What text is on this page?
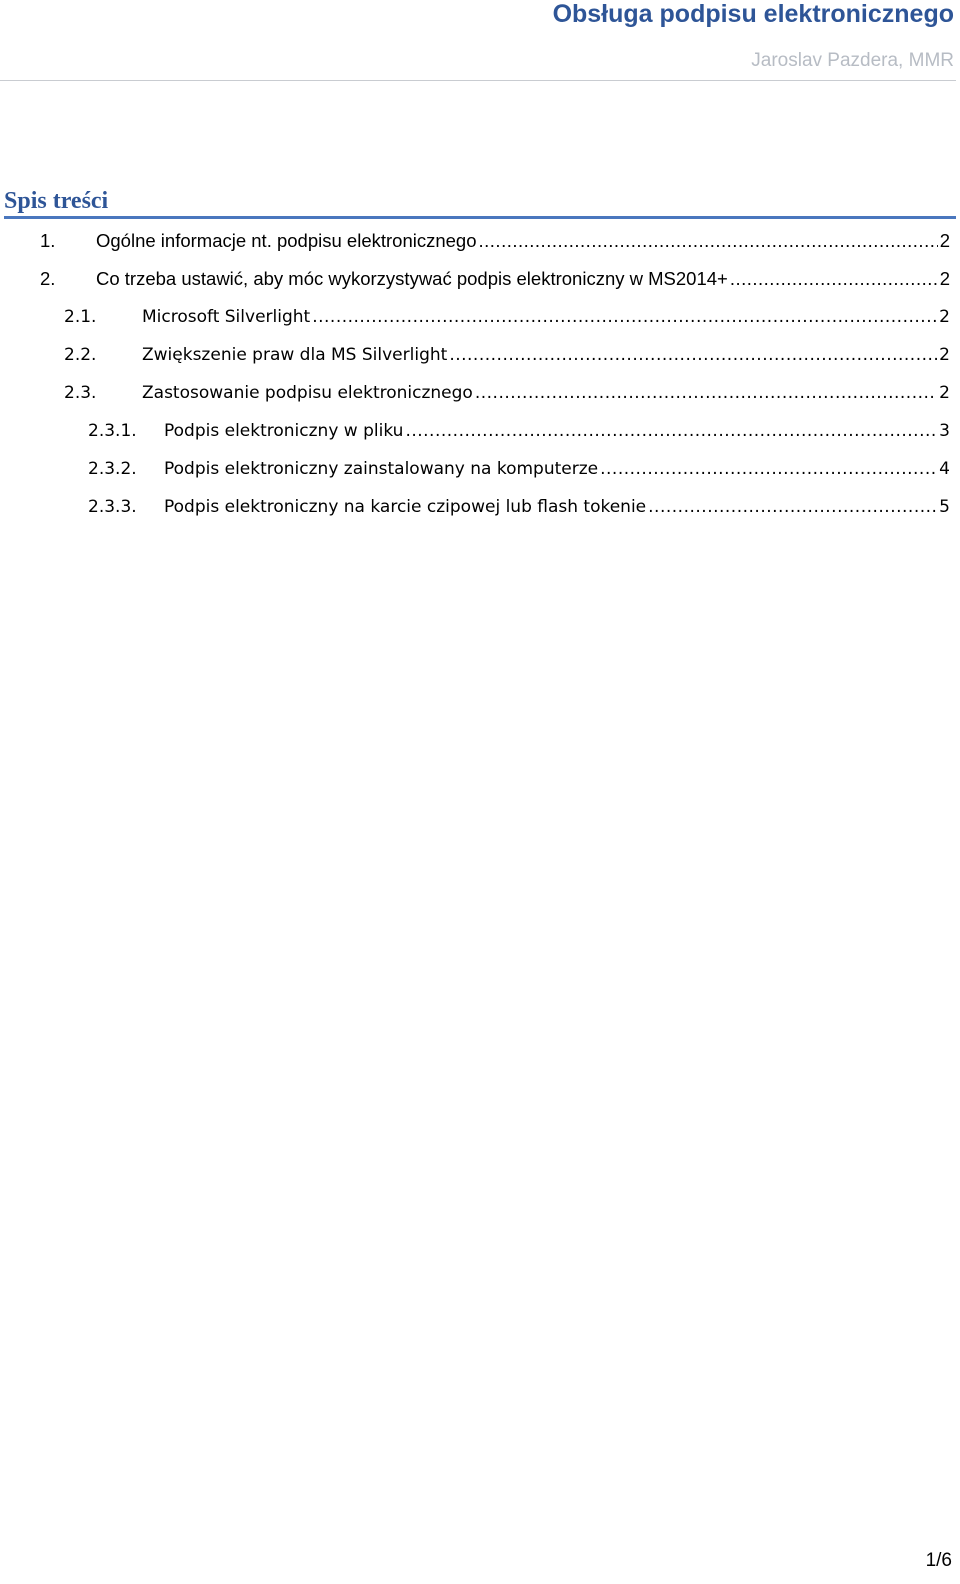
Obsługa podpisu elektronicznego
Jaroslav Pazdera, MMR
Spis treści
1. Ogólne informacje nt. podpisu elektronicznego .....	2
2. Co trzeba ustawić, aby móc wykorzystywać podpis elektroniczny w MS2014+ .....	2
2.1.	Microsoft Silverlight .....	2
2.2.	Zwiększenie praw dla MS Silverlight .....	2
2.3.	Zastosowanie podpisu elektronicznego .....	2
2.3.1. Podpis elektroniczny w pliku .....	3
2.3.2. Podpis elektroniczny zainstalowany na komputerze .....	4
2.3.3. Podpis elektroniczny na karcie czipowej lub flash tokenie .....	5
1/6
